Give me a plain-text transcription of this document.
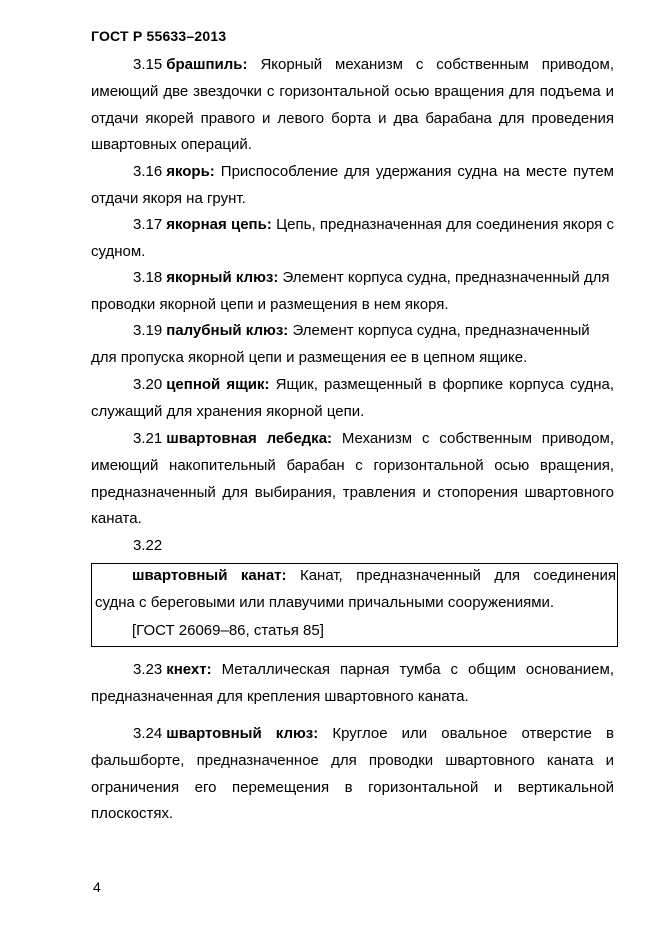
ГОСТ Р 55633–2013
3.15 брашпиль: Якорный механизм с собственным приводом, имеющий две звездочки с горизонтальной осью вращения для подъема и отдачи якорей правого и левого борта и два барабана для проведения швартовных операций.
3.16 якорь: Приспособление для удержания судна на месте путем отдачи якоря на грунт.
3.17 якорная цепь: Цепь, предназначенная для соединения якоря с судном.
3.18 якорный клюз: Элемент корпуса судна, предназначенный для проводки якорной цепи и размещения в нем якоря.
3.19 палубный клюз: Элемент корпуса судна, предназначенный для пропуска якорной цепи и размещения ее в цепном ящике.
3.20 цепной ящик: Ящик, размещенный в форпике корпуса судна, служащий для хранения якорной цепи.
3.21 швартовная лебедка: Механизм с собственным приводом, имеющий накопительный барабан с горизонтальной осью вращения, предназначенный для выбирания, травления и стопорения швартовного каната.
3.22
швартовный канат: Канат, предназначенный для соединения
судна с береговыми или плавучими причальными сооружениями.
[ГОСТ 26069–86, статья 85]
3.23 кнехт: Металлическая парная тумба с общим основанием, предназначенная для крепления швартовного каната.
3.24 швартовный клюз: Круглое или овальное отверстие в фальшборте, предназначенное для проводки швартовного каната и ограничения его перемещения в горизонтальной и вертикальной плоскостях.
4
